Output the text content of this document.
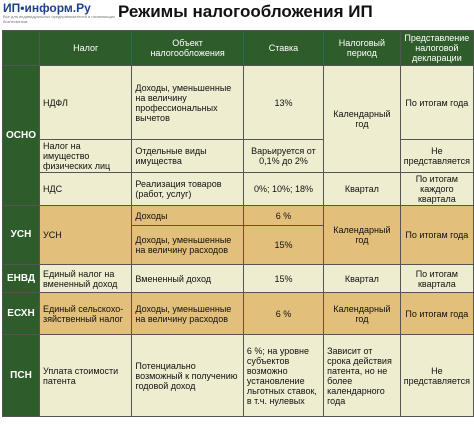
ИП•информ.Ру
Все для индивидуальных предпринимателей и начинающих бизнесменов	Режимы налогообложения ИП
	Налог	Объект налогообложения	Ставка	Налоговый период	Представление налоговой декларации
ОСНО	НДФЛ	Доходы, уменьшенные на величину профессиональных вычетов	13%	Календарный год	По итогам года
	Налог на имущество физических лиц	Отдельные виды имущества	Варьируется от 0,1% до 2%		Не представляется
	НДС	Реализация товаров (работ, услуг)	0%; 10%; 18%	Квартал	По итогам каждого квартала
УСН	УСН	Доходы	6 %	Календарный год	По итогам года
		Доходы, уменьшенные на величину расходов	15%		
ЕНВД	Единый налог на вмененный доход	Вмененный доход	15%	Квартал	По итогам квартала
ЕСХН	Единый сельскохо-зяйственный налог	Доходы, уменьшенные на величину расходов	6 %	Календарный год	По итогам года
ПСН	Уплата стоимости патента	Потенциально возможный к получению годовой доход	6 %; на уровне субъектов возможно установление льготных ставок, в т.ч. нулевых	Зависит от срока действия патента, но не более календарного года	Не представляется
